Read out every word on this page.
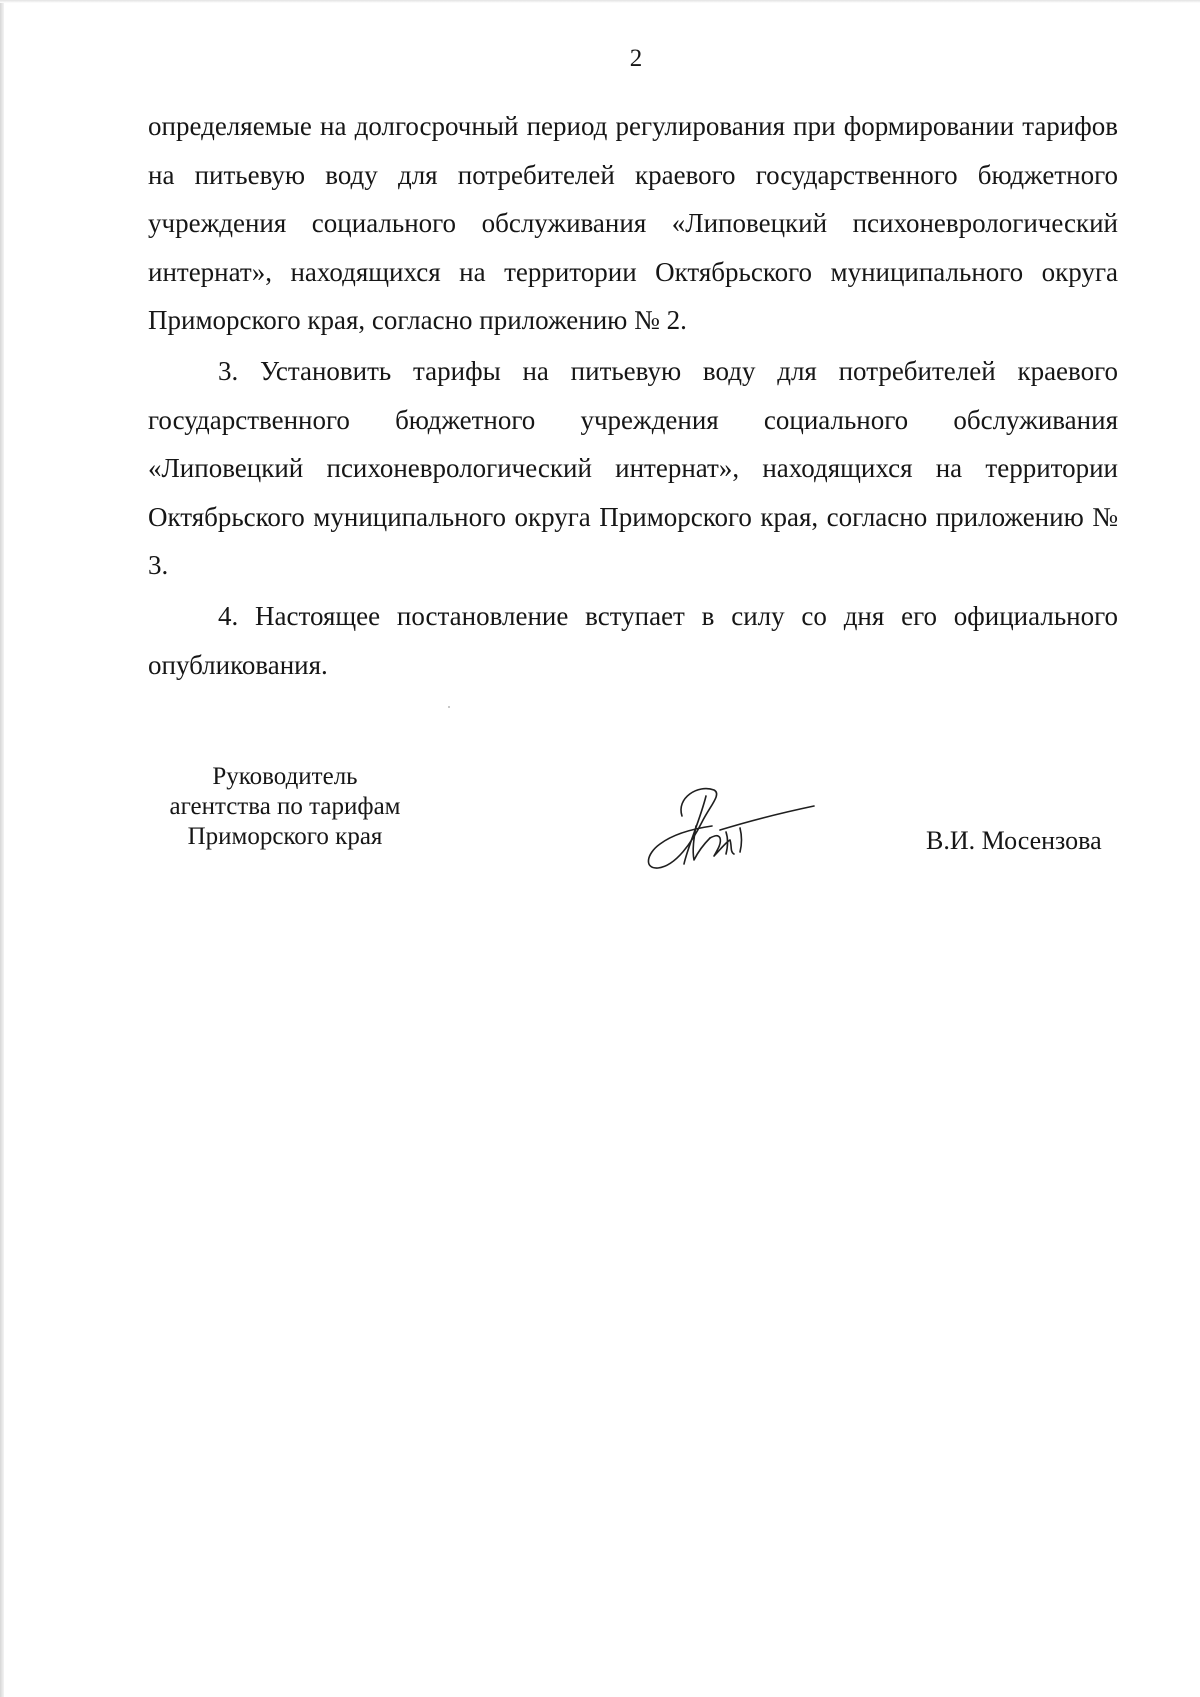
2

определяемые на долгосрочный период регулирования при формировании тарифов на питьевую воду для потребителей краевого государственного бюджетного учреждения социального обслуживания «Липовецкий психоневрологический интернат», находящихся на территории Октябрьского муниципального округа Приморского края, согласно приложению № 2.

3. Установить тарифы на питьевую воду для потребителей краевого государственного бюджетного учреждения социального обслуживания «Липовецкий психоневрологический интернат», находящихся на территории Октябрьского муниципального округа Приморского края, согласно приложению № 3.

4. Настоящее постановление вступает в силу со дня его официального опубликования.

Руководитель
агентства по тарифам
Приморского края	В.И. Мосензова
